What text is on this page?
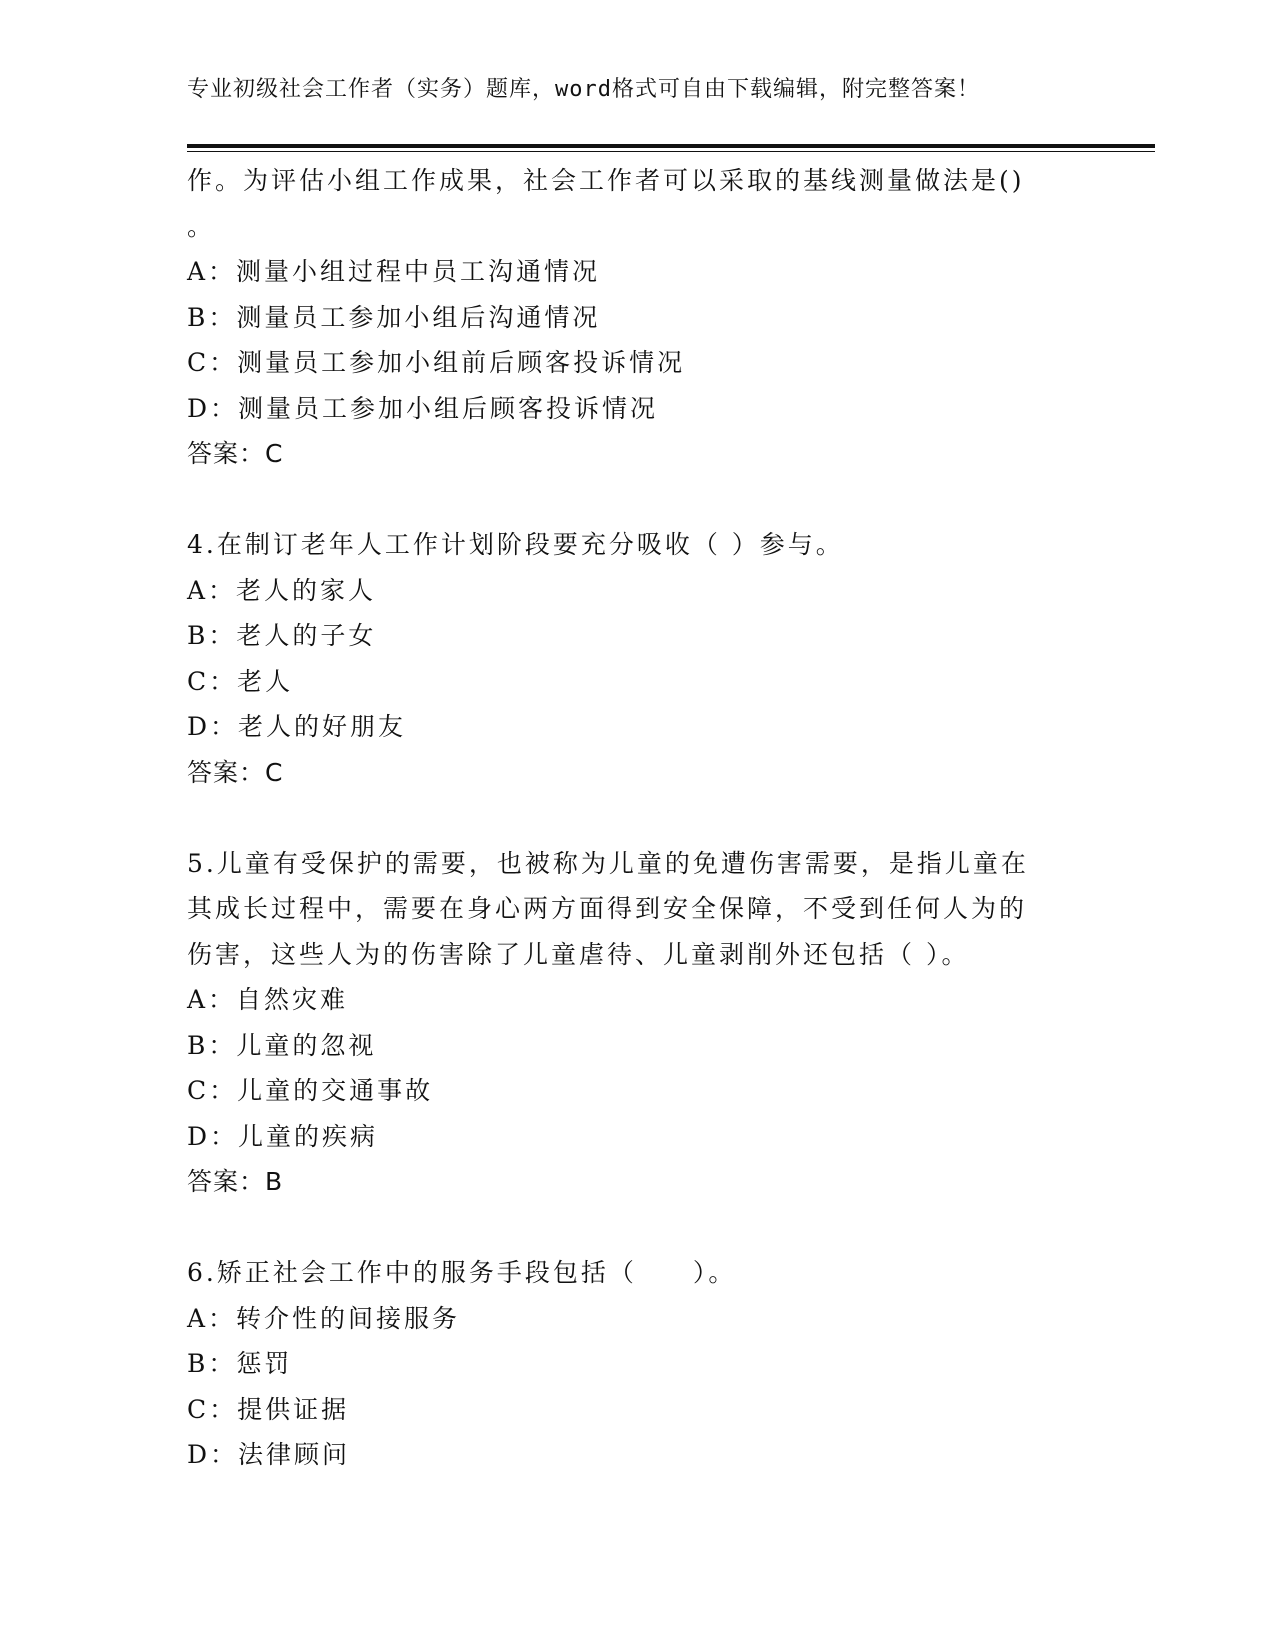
专业初级社会工作者（实务）题库，word格式可自由下载编辑，附完整答案！
作。为评估小组工作成果，社会工作者可以采取的基线测量做法是()
。
A：测量小组过程中员工沟通情况
B：测量员工参加小组后沟通情况
C：测量员工参加小组前后顾客投诉情况
D：测量员工参加小组后顾客投诉情况
答案：C
4.在制订老年人工作计划阶段要充分吸收（ ）参与。
A：老人的家人
B：老人的子女
C：老人
D：老人的好朋友
答案：C
5.儿童有受保护的需要，也被称为儿童的免遭伤害需要，是指儿童在
其成长过程中，需要在身心两方面得到安全保障，不受到任何人为的
伤害，这些人为的伤害除了儿童虐待、儿童剥削外还包括（ ）。
A：自然灾难
B：儿童的忽视
C：儿童的交通事故
D：儿童的疾病
答案：B
6.矫正社会工作中的服务手段包括（　　）。
A：转介性的间接服务
B：惩罚
C：提供证据
D：法律顾问
